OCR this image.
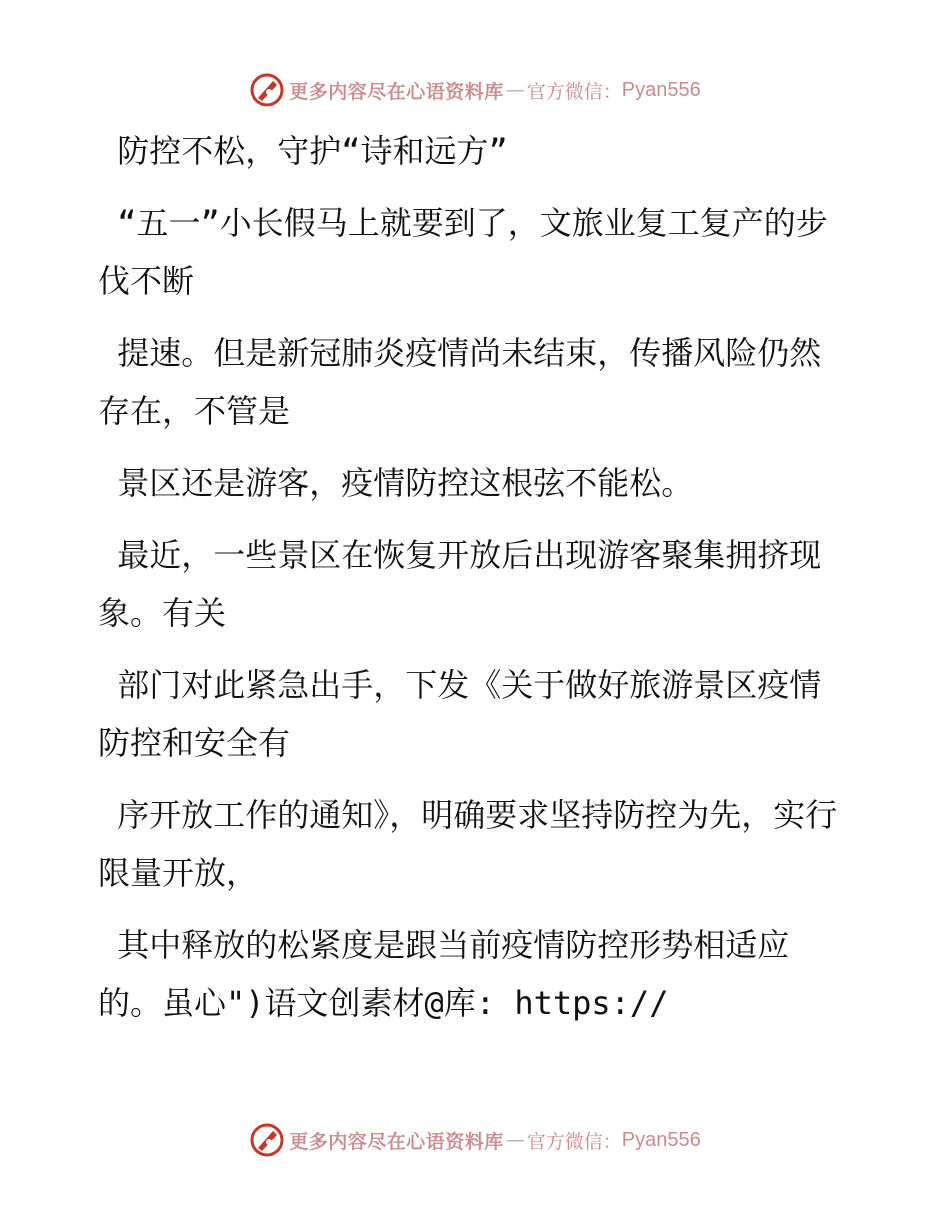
更多内容尽在心语资料库 — 官方微信： Pyan556

防控不松，守护“诗和远方”

“五一”小长假马上就要到了，文旅业复工复产的步伐不断

提速。但是新冠肺炎疫情尚未结束，传播风险仍然存在，不管是

景区还是游客，疫情防控这根弦不能松。

最近，一些景区在恢复开放后出现游客聚集拥挤现象。有关

部门对此紧急出手，下发《关于做好旅游景区疫情防控和安全有

序开放工作的通知》，明确要求坚持防控为先，实行限量开放，

其中释放的松紧度是跟当前疫情防控形势相适应的。虽心")语文创素材@库: https://

更多内容尽在心语资料库 — 官方微信： Pyan556
